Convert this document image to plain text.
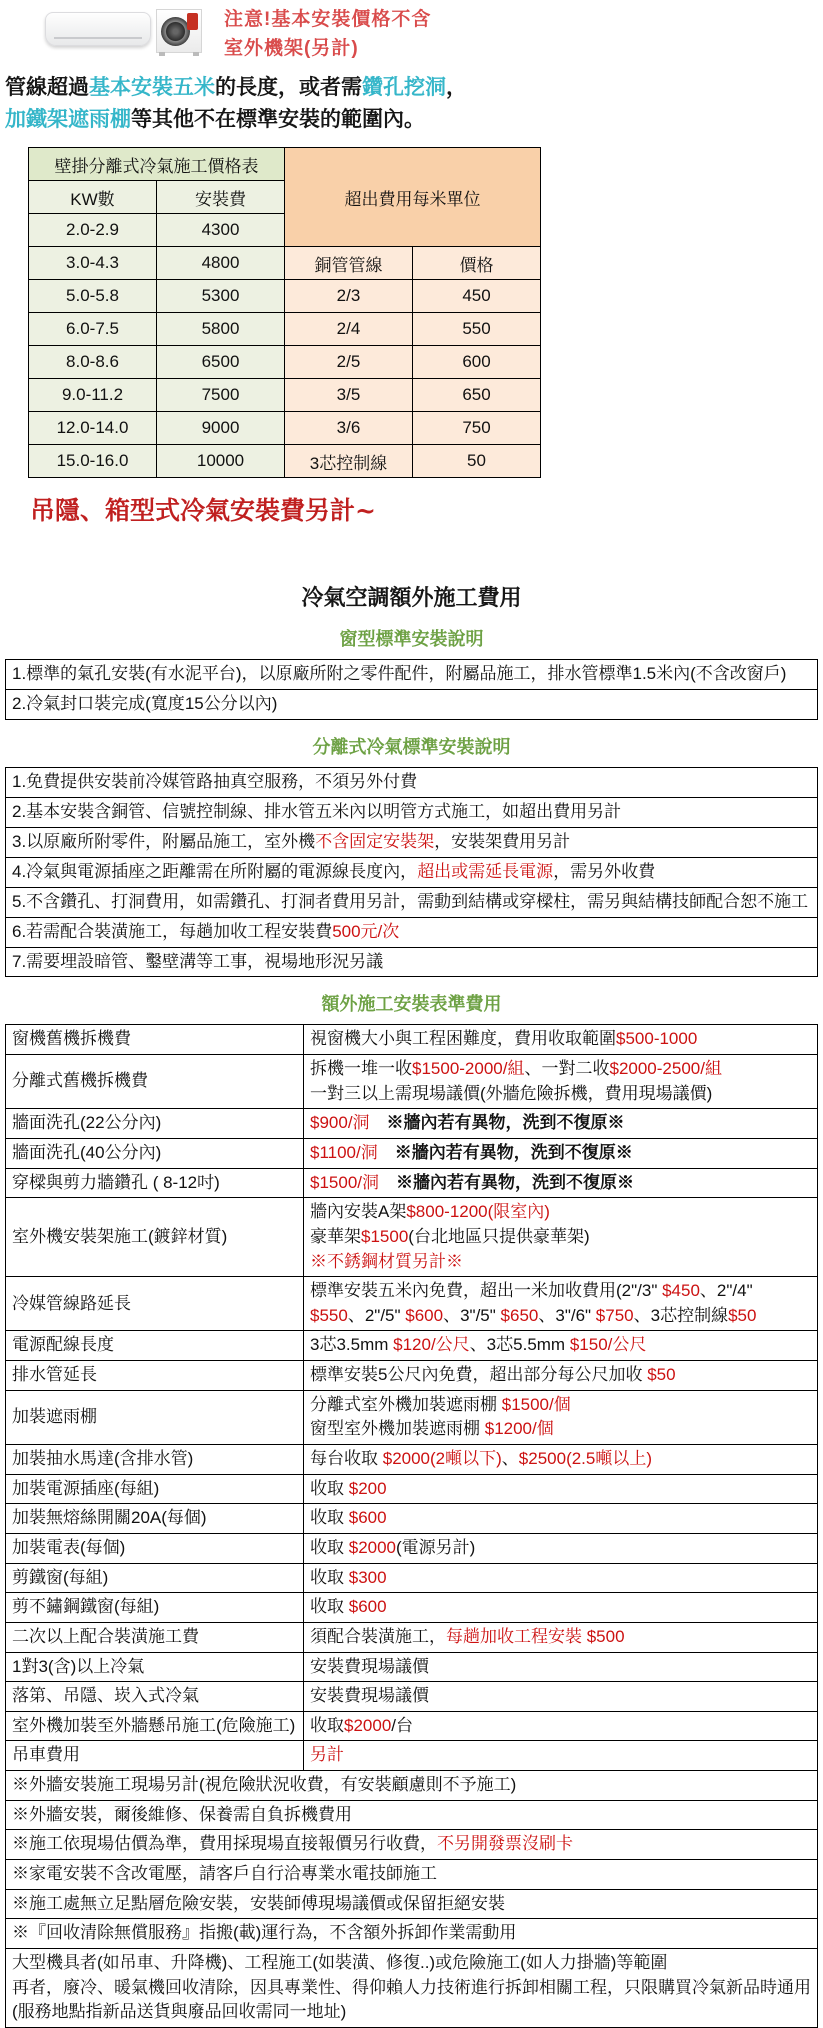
注意!基本安裝價格不含
室外機架(另計)
管線超過基本安裝五米的長度，或者需鑽孔挖洞，
加鐵架遮雨棚等其他不在標準安裝的範圍內。
壁掛分離式冷氣施工價格表		超出費用每米單位	
KW數	安裝費		
2.0-2.9	4300		
3.0-4.3	4800	銅管管線	價格
5.0-5.8	5300	2/3	450
6.0-7.5	5800	2/4	550
8.0-8.6	6500	2/5	600
9.0-11.2	7500	3/5	650
12.0-14.0	9000	3/6	750
15.0-16.0	10000	3芯控制線	50
吊隱、箱型式冷氣安裝費另計~
冷氣空調額外施工費用
窗型標準安裝說明
1.標準的氣孔安裝(有水泥平台)，以原廠所附之零件配件，附屬品施工，排水管標準1.5米內(不含改窗戶)
2.冷氣封口裝完成(寬度15公分以內)
分離式冷氣標準安裝說明
1.免費提供安裝前冷媒管路抽真空服務，不須另外付費
2.基本安裝含銅管、信號控制線、排水管五米內以明管方式施工，如超出費用另計
3.以原廠所附零件，附屬品施工，室外機不含固定安裝架，安裝架費用另計
4.冷氣與電源插座之距離需在所附屬的電源線長度內，超出或需延長電源，需另外收費
5.不含鑽孔、打洞費用，如需鑽孔、打洞者費用另計，需動到結構或穿樑柱，需另與結構技師配合恕不施工
6.若需配合裝潢施工，每趟加收工程安裝費500元/次
7.需要埋設暗管、鑿壁溝等工事，視場地形況另議
額外施工安裝表準費用
窗機舊機拆機費	視窗機大小與工程困難度，費用收取範圍$500-1000

分離式舊機拆機費	拆機一堆一收$1500-2000/組、一對二收$2000-2500/組
一對三以上需現場議價(外牆危險拆機，費用現場議價)

牆面洗孔(22公分內)	$900/洞　 ※牆內若有異物，洗到不復原※

牆面洗孔(40公分內)	$1100/洞　 ※牆內若有異物，洗到不復原※

穿樑與剪力牆鑽孔 ( 8-12吋)	$1500/洞　 ※牆內若有異物，洗到不復原※

室外機安裝架施工(鍍鋅材質)	牆內安裝A架$800-1200(限室內)
豪華架$1500(台北地區只提供豪華架)
※不銹鋼材質另計※

冷媒管線路延長	標準安裝五米內免費，超出一米加收費用(2"/3" $450、2"/4" $550、2"/5" $600、3"/5" $650、3"/6" $750、3芯控制線$50

電源配線長度	3芯3.5mm $120/公尺、3芯5.5mm $150/公尺

排水管延長	標準安裝5公尺內免費，超出部分每公尺加收 $50

加裝遮雨棚	分離式室外機加裝遮雨棚 $1500/個
窗型室外機加裝遮雨棚 $1200/個

加裝抽水馬達(含排水管)	每台收取 $2000(2噸以下)、$2500(2.5噸以上)

加裝電源插座(每組)	收取 $200

加裝無熔絲開關20A(每個)	收取 $600

加裝電表(每個)	收取 $2000(電源另計)

剪鐵窗(每組)	收取 $300

剪不鏽鋼鐵窗(每組)	收取 $600

二次以上配合裝潢施工費	須配合裝潢施工，每趟加收工程安裝 $500

1對3(含)以上冷氣	安裝費現場議價

落第、吊隱、崁入式冷氣	安裝費現場議價

室外機加裝至外牆懸吊施工(危險施工)	收取$2000/台

吊車費用	另計

※外牆安裝施工現場另計(視危險狀況收費，有安裝顧慮則不予施工)	

※外牆安裝，爾後維修、保養需自負拆機費用	

※施工依現場估價為準，費用採現場直接報價另行收費，不另開發票沒刷卡	

※家電安裝不含改電壓，請客戶自行洽專業水電技師施工	

※施工處無立足點層危險安裝，安裝師傅現場議價或保留拒絕安裝	

※『回收清除無償服務』指搬(載)運行為，不含額外拆卸作業需動用	

大型機具者(如吊車、升降機)、工程施工(如裝潢、修復..)或危險施工(如人力掛牆)等範圍
再者，廢冷、暖氣機回收清除，因具專業性、得仰賴人力技術進行拆卸相關工程，只限購買冷氣新品時通用
(服務地點指新品送貨與廢品回收需同一地址)	
